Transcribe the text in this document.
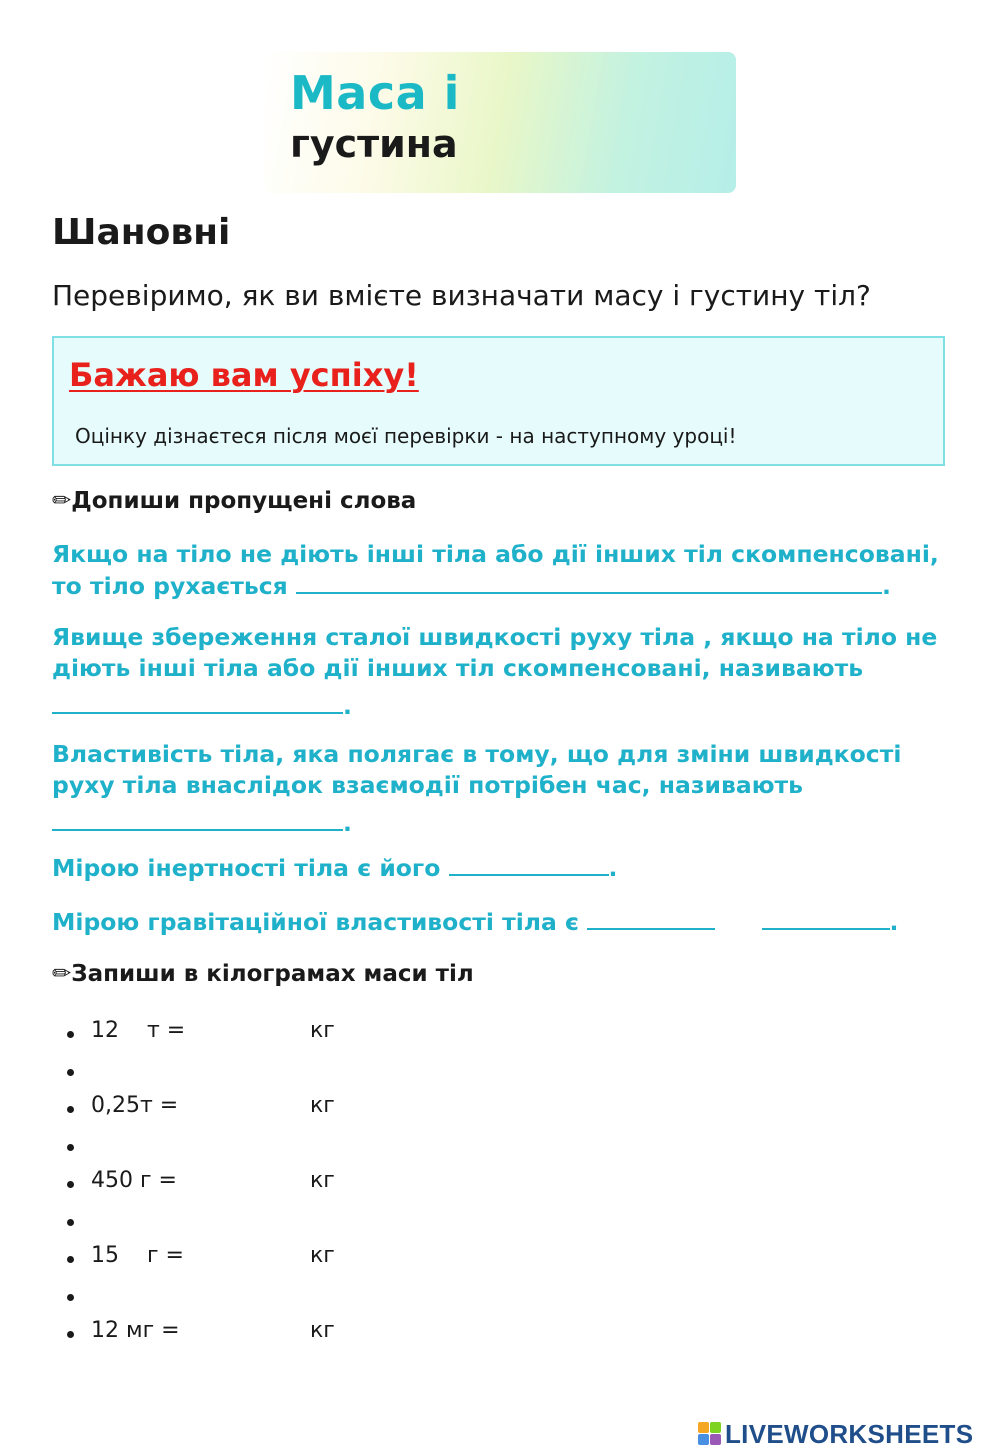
Маса і
густина
Шановні
Перевіримо, як ви вмієте визначати масу і густину тіл?
Бажаю вам успіху!
Оцінку дізнаєтеся після моєї перевірки - на наступному уроці!
✏Допиши пропущені слова
Якщо на тіло не діють інші тіла або дії інших тіл скомпенсовані, то тіло рухається	.
Явище збереження сталої швидкості руху тіла , якщо на тіло не діють інші тіла або дії інших тіл скомпенсовані, називають
.
Властивість тіла, яка полягає в тому, що для зміни швидкості руху тіла внаслідок взаємодії потрібен час, називають
.
Мірою інертності тіла є його	.
Мірою гравітаційної властивості тіла є	.
✏Запиши в кілограмах маси тіл
12    т =	кг
0,25т =	кг
450 г =	кг
15    г =	кг
12 мг =	кг
LIVEWORKSHEETS
